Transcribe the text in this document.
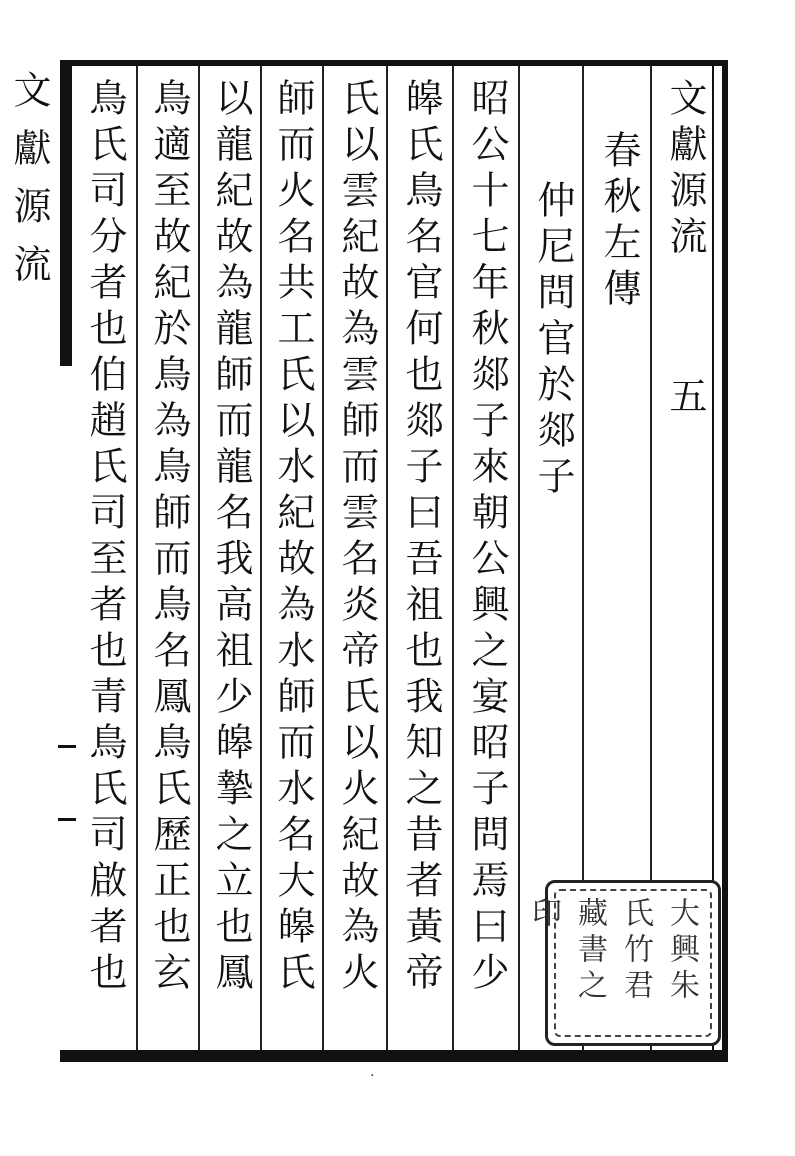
文獻源流
五
春秋左傳
仲尼問官於郯子
昭公十七年秋郯子來朝公興之宴昭子問焉曰少
皞氏鳥名官何也郯子曰吾祖也我知之昔者黃帝
氏以雲紀故為雲師而雲名炎帝氏以火紀故為火
師而火名共工氏以水紀故為水師而水名大皞氏
以龍紀故為龍師而龍名我高祖少皞摯之立也鳳
鳥適至故紀於鳥為鳥師而鳥名鳳鳥氏歷正也玄
鳥氏司分者也伯趙氏司至者也青鳥氏司啟者也
文獻源流
大興朱氏竹君藏書之印
·
